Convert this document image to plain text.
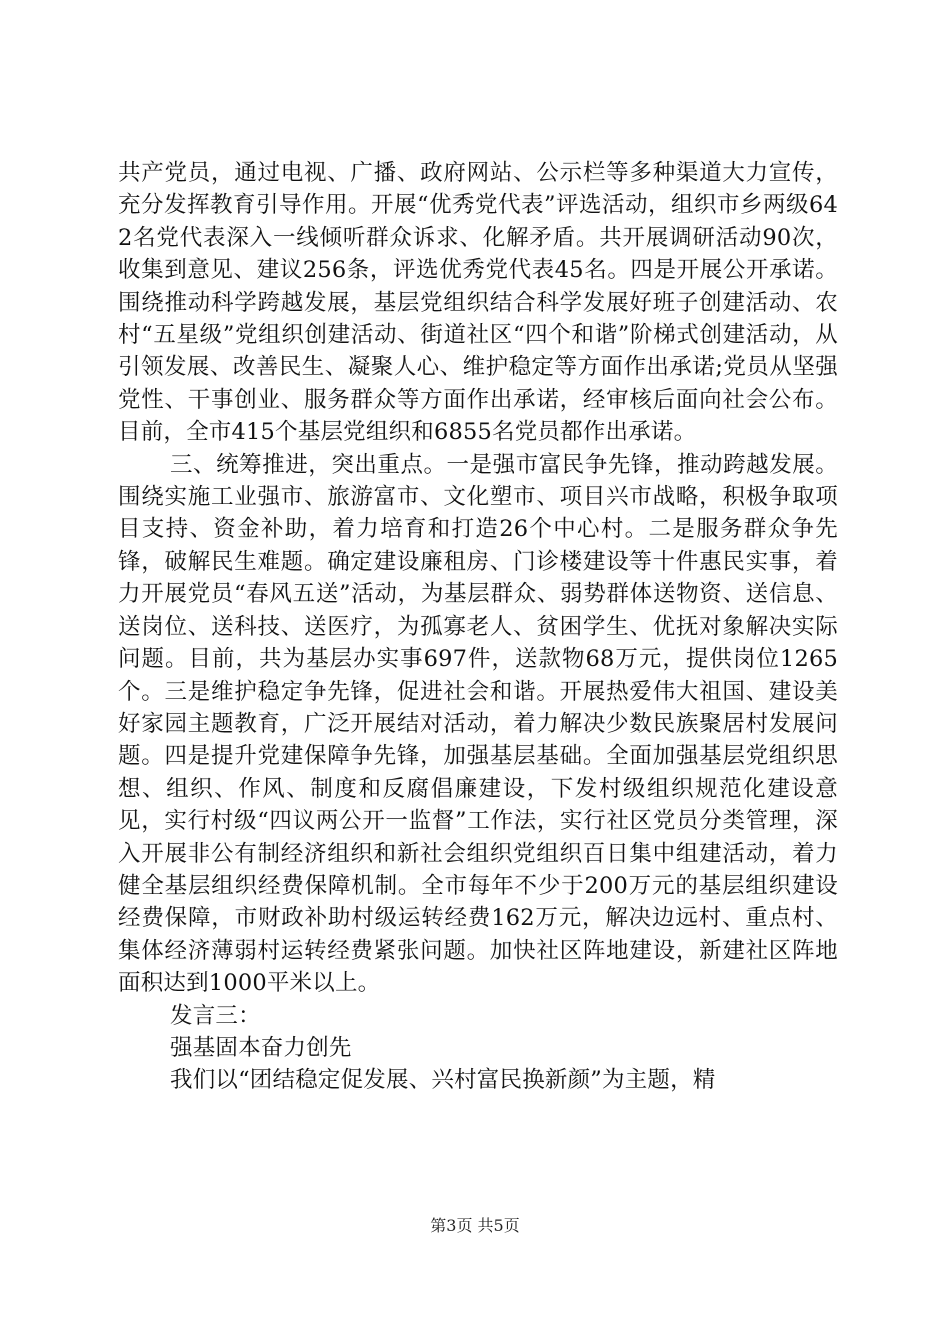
共产党员，通过电视、广播、政府网站、公示栏等多种渠道大力宣传，充分发挥教育引导作用。开展“优秀党代表”评选活动，组织市乡两级642名党代表深入一线倾听群众诉求、化解矛盾。共开展调研活动90次，收集到意见、建议256条，评选优秀党代表45名。四是开展公开承诺。围绕推动科学跨越发展，基层党组织结合科学发展好班子创建活动、农村“五星级”党组织创建活动、街道社区“四个和谐”阶梯式创建活动，从引领发展、改善民生、凝聚人心、维护稳定等方面作出承诺;党员从坚强党性、干事创业、服务群众等方面作出承诺，经审核后面向社会公布。目前，全市415个基层党组织和6855名党员都作出承诺。

三、统筹推进，突出重点。一是强市富民争先锋，推动跨越发展。围绕实施工业强市、旅游富市、文化塑市、项目兴市战略，积极争取项目支持、资金补助，着力培育和打造26个中心村。二是服务群众争先锋，破解民生难题。确定建设廉租房、门诊楼建设等十件惠民实事，着力开展党员“春风五送”活动，为基层群众、弱势群体送物资、送信息、送岗位、送科技、送医疗，为孤寡老人、贫困学生、优抚对象解决实际问题。目前，共为基层办实事697件，送款物68万元，提供岗位1265个。三是维护稳定争先锋，促进社会和谐。开展热爱伟大祖国、建设美好家园主题教育，广泛开展结对活动，着力解决少数民族聚居村发展问题。四是提升党建保障争先锋，加强基层基础。全面加强基层党组织思想、组织、作风、制度和反腐倡廉建设，下发村级组织规范化建设意见，实行村级“四议两公开一监督”工作法，实行社区党员分类管理，深入开展非公有制经济组织和新社会组织党组织百日集中组建活动，着力健全基层组织经费保障机制。全市每年不少于200万元的基层组织建设经费保障，市财政补助村级运转经费162万元，解决边远村、重点村、集体经济薄弱村运转经费紧张问题。加快社区阵地建设，新建社区阵地面积达到1000平米以上。

发言三：

强基固本奋力创先

我们以“团结稳定促发展、兴村富民换新颜”为主题，精

第3页 共5页
